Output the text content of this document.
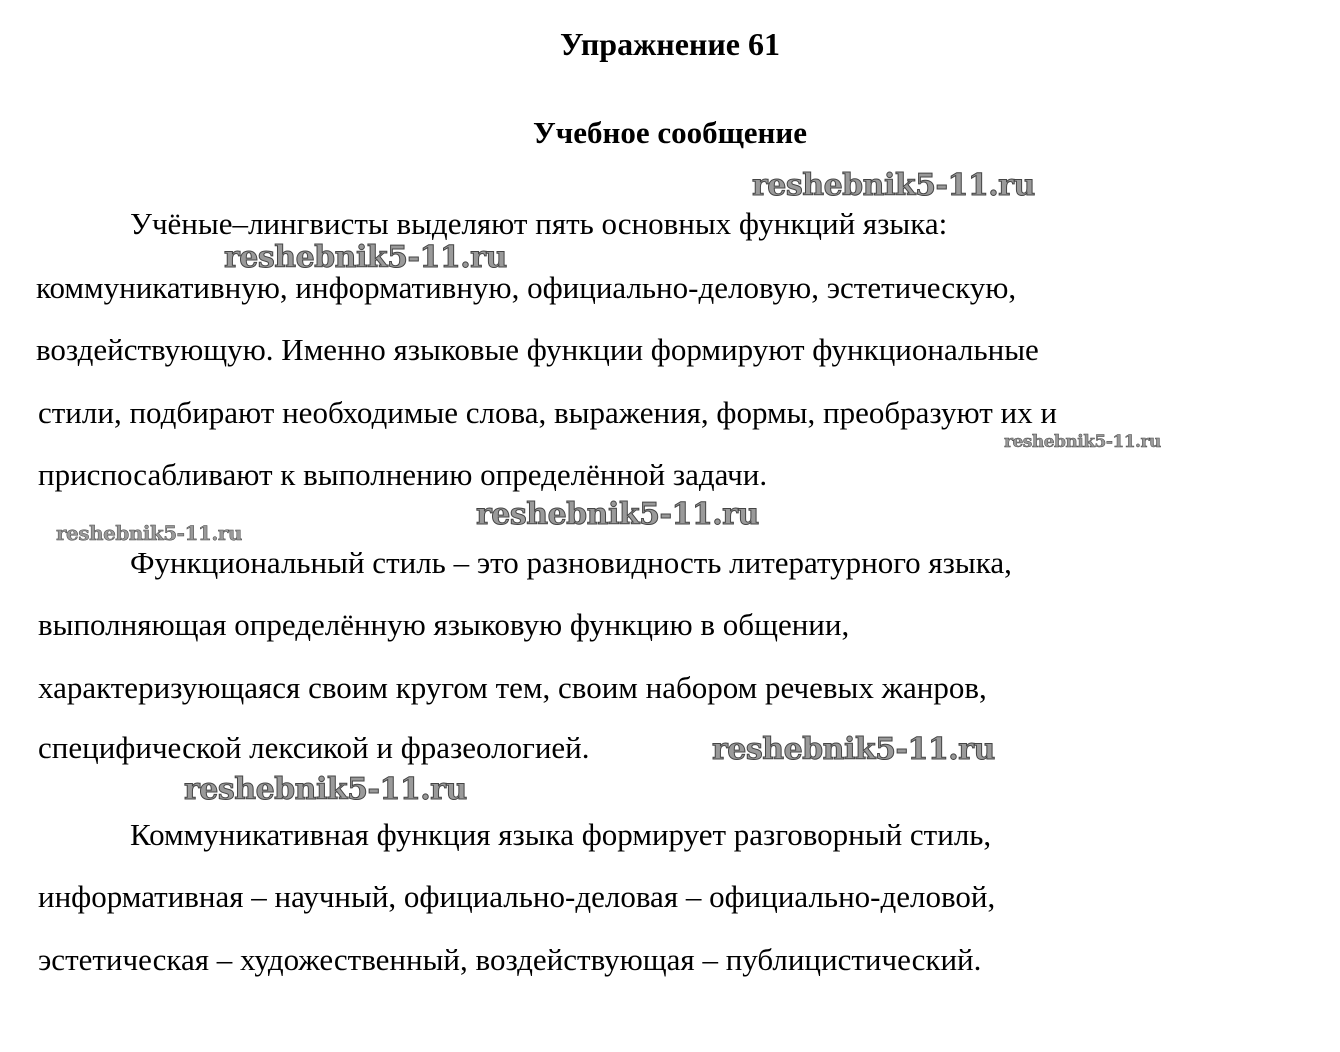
Упражнение 61
Учебное сообщение
Учёные–лингвисты выделяют пять основных функций языка:
коммуникативную, информативную, официально-деловую, эстетическую,
воздействующую. Именно языковые функции формируют функциональные
стили, подбирают необходимые слова, выражения, формы, преобразуют их и
приспосабливают к выполнению определённой задачи.
Функциональный стиль – это разновидность литературного языка,
выполняющая определённую языковую функцию в общении,
характеризующаяся своим кругом тем, своим набором речевых жанров,
специфической лексикой и фразеологией.
Коммуникативная функция языка формирует разговорный стиль,
информативная – научный, официально-деловая – официально-деловой,
эстетическая – художественный, воздействующая – публицистический.
reshebnik5-11.ru
reshebnik5-11.ru
reshebnik5-11.ru
reshebnik5-11.ru
reshebnik5-11.ru
reshebnik5-11.ru
reshebnik5-11.ru
